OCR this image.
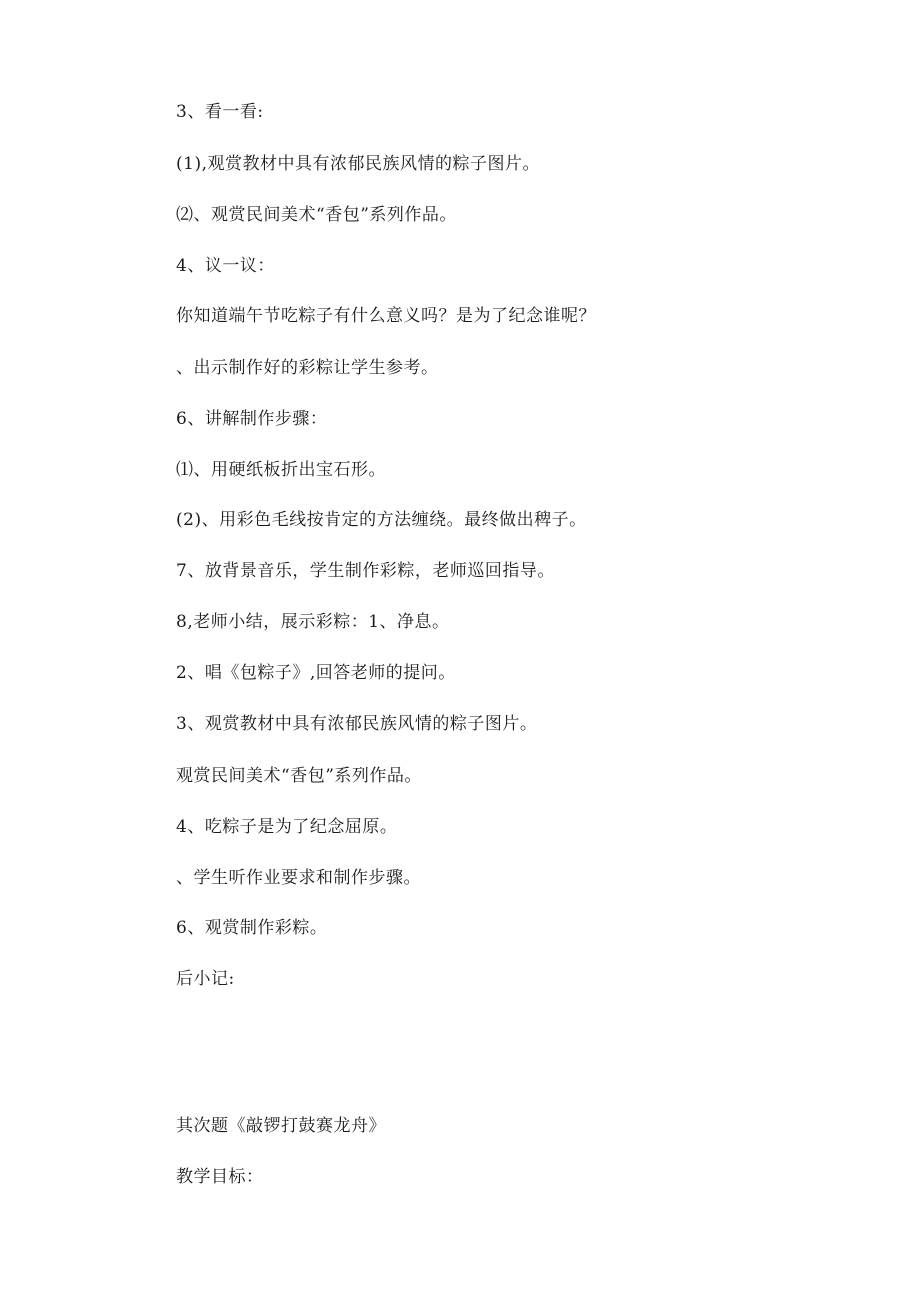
3、看一看:
(1),观赏教材中具有浓郁民族风情的粽子图片。
⑵、观赏民间美术“香包”系列作品。
4、议一议：
你知道端午节吃粽子有什么意义吗？是为了纪念谁呢？
、出示制作好的彩粽让学生参考。
6、讲解制作步骤：
⑴、用硬纸板折出宝石形。
(2)、用彩色毛线按肯定的方法缠绕。最终做出稗子。
7、放背景音乐，学生制作彩粽，老师巡回指导。
8,老师小结，展示彩粽：1、净息。
2、唱《包粽子》,回答老师的提问。
3、观赏教材中具有浓郁民族风情的粽子图片。
观赏民间美术“香包”系列作品。
4、吃粽子是为了纪念屈原。
、学生听作业要求和制作步骤。
6、观赏制作彩粽。
后小记:
其次题《敲锣打鼓赛龙舟》
教学目标：
